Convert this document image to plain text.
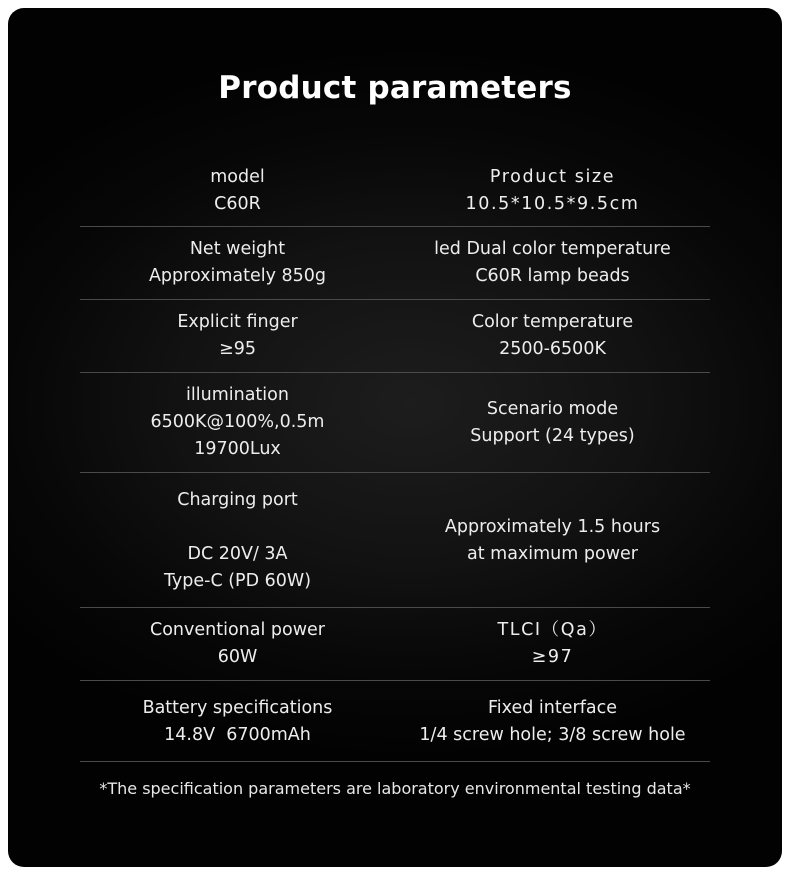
Product parameters
model
C60R
Product size
10.5*10.5*9.5cm
Net weight
Approximately 850g
led Dual color temperature
C60R lamp beads
Explicit finger
≥95
Color temperature
2500-6500K
illumination
6500K@100%,0.5m
19700Lux
Scenario mode
Support (24 types)
Charging port

DC 20V/ 3A
Type-C (PD 60W)
Approximately 1.5 hours
at maximum power
Conventional power
60W
TLCI（Qa）
≥97
Battery specifications
14.8V  6700mAh
Fixed interface
1/4 screw hole; 3/8 screw hole
*The specification parameters are laboratory environmental testing data*
